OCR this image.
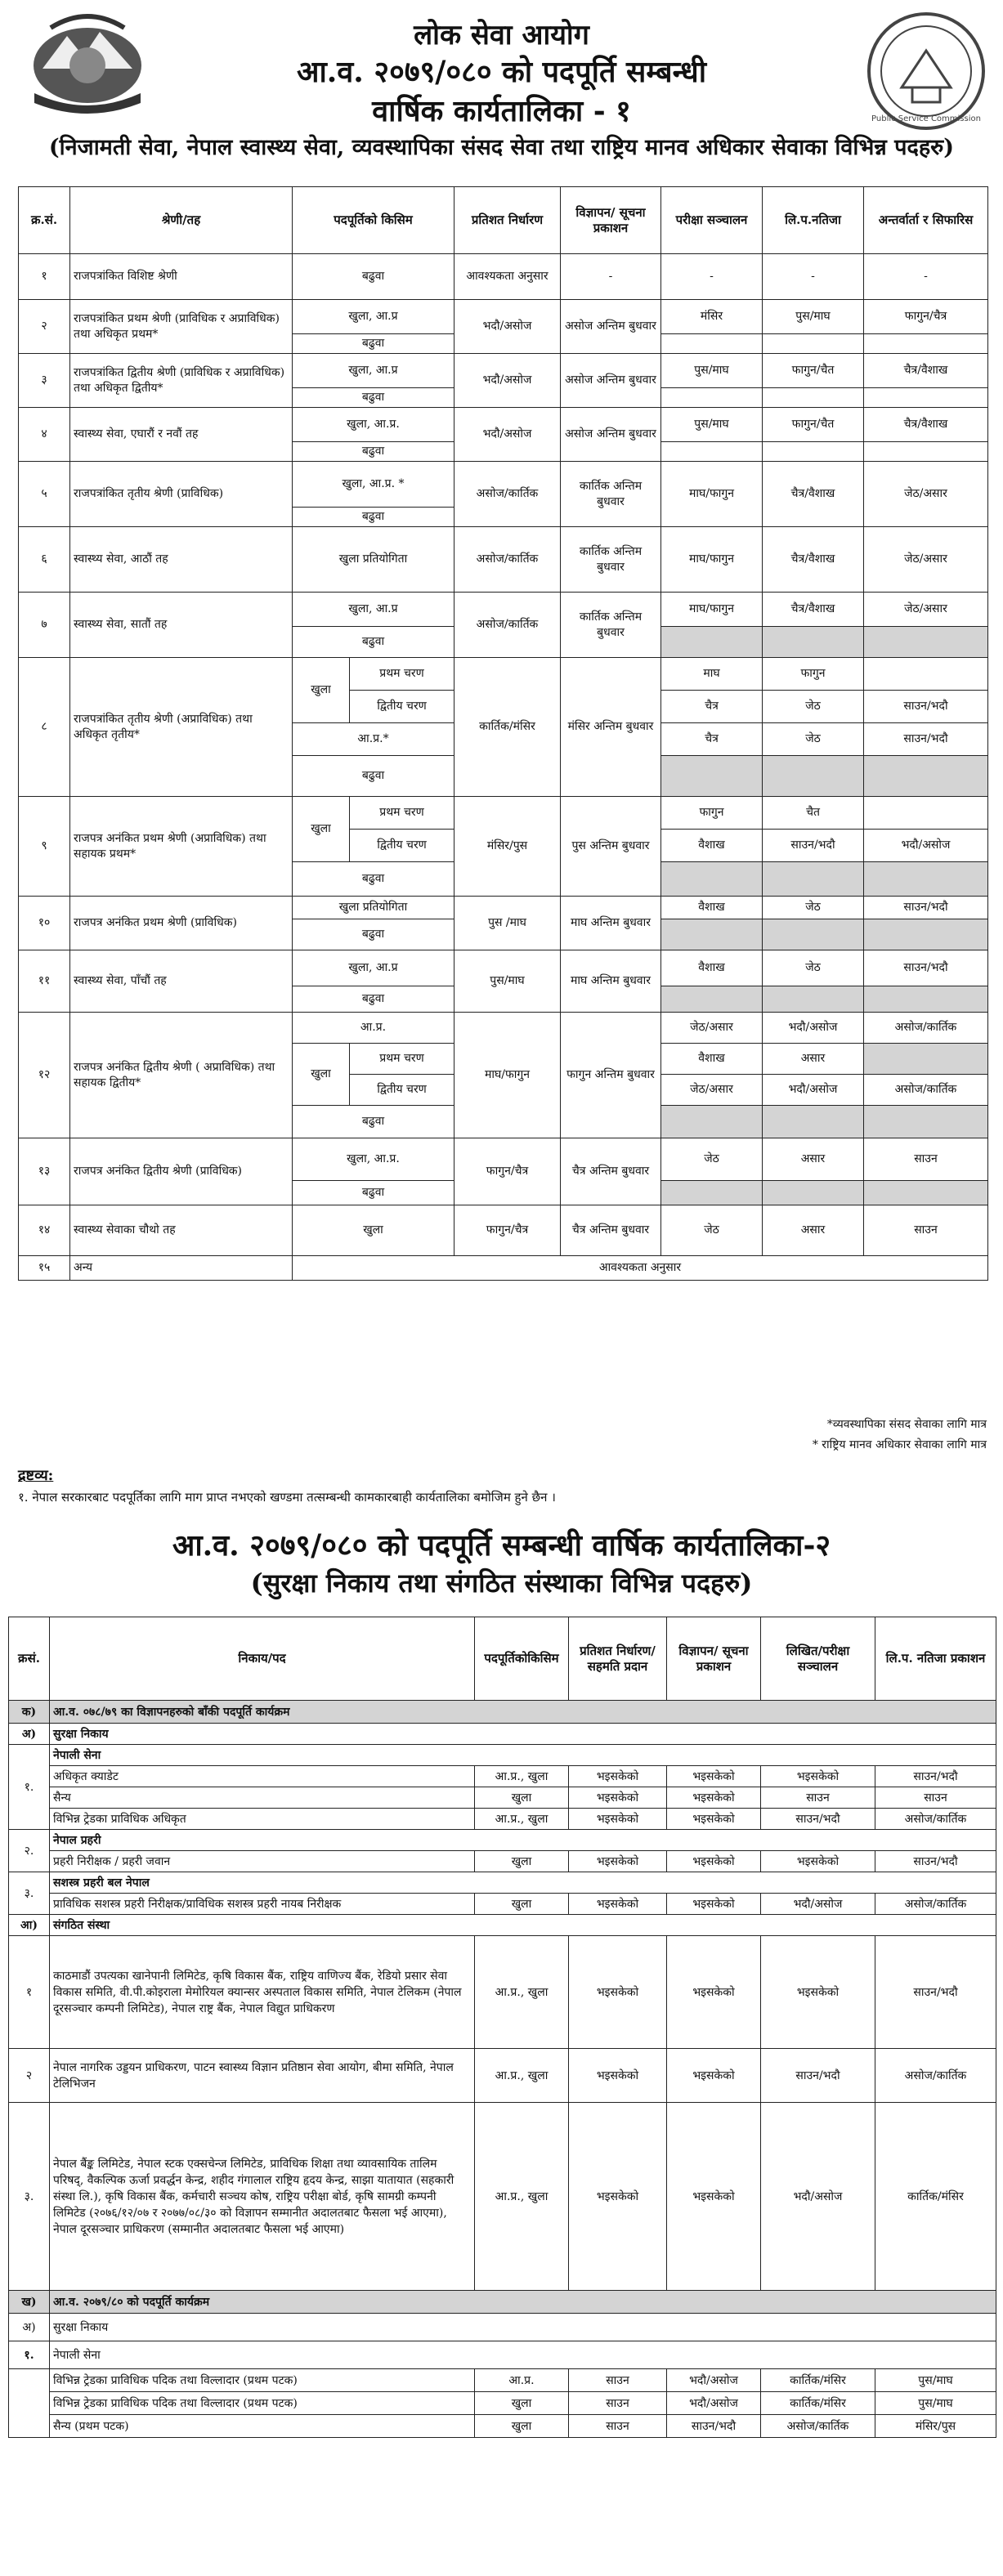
Public Service Commission
लोक सेवा आयोग
आ.व. २०७९/०८० को पदपूर्ति सम्बन्धी
वार्षिक कार्यतालिका - १
(निजामती सेवा, नेपाल स्वास्थ्य सेवा, व्यवस्थापिका संसद सेवा तथा राष्ट्रिय मानव अधिकार सेवाका विभिन्न पदहरु)
क्र.सं.	श्रेणी/तह	पदपूर्तिको किसिम		प्रतिशत निर्धारण	विज्ञापन/ सूचना प्रकाशन	परीक्षा सञ्चालन	लि.प.नतिजा	अन्तर्वार्ता र सिफारिस
१	राजपत्रांकित विशिष्ट श्रेणी	बढुवा		आवश्यकता अनुसार	-	-	-	-
२	राजपत्रांकित प्रथम श्रेणी (प्राविधिक र अप्राविधिक) तथा अधिकृत प्रथम*	खुला, आ.प्र		भदौ/असोज	असोज अन्तिम बुधवार	मंसिर	पुस/माघ	फागुन/चैत्र
		बढुवा						
३	राजपत्रांकित द्वितीय श्रेणी (प्राविधिक र अप्राविधिक) तथा अधिकृत द्वितीय*	खुला, आ.प्र		भदौ/असोज	असोज अन्तिम बुधवार	पुस/माघ	फागुन/चैत	चैत्र/वैशाख
		बढुवा						
४	स्वास्थ्य सेवा, एघारौं र नवौं तह	खुला, आ.प्र.		भदौ/असोज	असोज अन्तिम बुधवार	पुस/माघ	फागुन/चैत	चैत्र/वैशाख
		बढुवा						
५	राजपत्रांकित तृतीय श्रेणी (प्राविधिक)	खुला, आ.प्र. *		असोज/कार्तिक	कार्तिक अन्तिम बुधवार	माघ/फागुन	चैत्र/वैशाख	जेठ/असार
		बढुवा						
६	स्वास्थ्य सेवा, आठौं तह	खुला प्रतियोगिता		असोज/कार्तिक	कार्तिक अन्तिम बुधवार	माघ/फागुन	चैत्र/वैशाख	जेठ/असार
७	स्वास्थ्य सेवा, सातौं तह	खुला, आ.प्र		असोज/कार्तिक	कार्तिक अन्तिम बुधवार	माघ/फागुन	चैत्र/वैशाख	जेठ/असार
		बढुवा						
८	राजपत्रांकित तृतीय श्रेणी (अप्राविधिक) तथा अधिकृत तृतीय*	खुला	प्रथम चरण	कार्तिक/मंसिर	मंसिर अन्तिम बुधवार	माघ	फागुन	
			द्वितीय चरण			चैत्र	जेठ	साउन/भदौ
		आ.प्र.*				चैत्र	जेठ	साउन/भदौ
		बढुवा						

९	राजपत्र अनंकित प्रथम श्रेणी (अप्राविधिक) तथा सहायक प्रथम*	खुला	प्रथम चरण	मंसिर/पुस	पुस अन्तिम बुधवार	फागुन	चैत	
			द्वितीय चरण			वैशाख	साउन/भदौ	भदौ/असोज
		बढुवा						
१०	राजपत्र अनंकित प्रथम श्रेणी (प्राविधिक)	खुला प्रतियोगिता		पुस /माघ	माघ अन्तिम बुधवार	वैशाख	जेठ	साउन/भदौ
		बढुवा						
११	स्वास्थ्य सेवा, पाँचौं तह	खुला, आ.प्र		पुस/माघ	माघ अन्तिम बुधवार	वैशाख	जेठ	साउन/भदौ
		बढुवा						
१२	राजपत्र अनंकित द्वितीय श्रेणी ( अप्राविधिक) तथा सहायक द्वितीय*	आ.प्र.		माघ/फागुन	फागुन अन्तिम बुधवार	जेठ/असार	भदौ/असोज	असोज/कार्तिक
		खुला	प्रथम चरण			वैशाख	असार	
			द्वितीय चरण			जेठ/असार	भदौ/असोज	असोज/कार्तिक
		बढुवा						
१३	राजपत्र अनंकित द्वितीय श्रेणी (प्राविधिक)	खुला, आ.प्र.		फागुन/चैत्र	चैत्र अन्तिम बुधवार	जेठ	असार	साउन
		बढुवा						
१४	स्वास्थ्य सेवाका चौथो तह	खुला		फागुन/चैत्र	चैत्र अन्तिम बुधवार	जेठ	असार	साउन
१५	अन्य	आवश्यकता अनुसार						
*व्यवस्थापिका संसद सेवाका लागि मात्र
* राष्ट्रिय मानव अधिकार सेवाका लागि मात्र
द्रष्टव्य:
१. नेपाल सरकारबाट पदपूर्तिका लागि माग प्राप्त नभएको खण्डमा तत्सम्बन्धी कामकारबाही कार्यतालिका बमोजिम हुने छैन ।
आ.व. २०७९/०८० को पदपूर्ति सम्बन्धी वार्षिक कार्यतालिका-२
(सुरक्षा निकाय तथा संगठित संस्थाका विभिन्न पदहरु)
क्रसं.	निकाय/पद	पदपूर्तिकोकिसिम	प्रतिशत निर्धारण/ सहमति प्रदान	विज्ञापन/ सूचना प्रकाशन	लिखित/परीक्षा सञ्चालन	लि.प. नतिजा प्रकाशन
क)	आ.व. ०७८/७९ का विज्ञापनहरुको बाँकी पदपूर्ति कार्यक्रम					
अ)	सुरक्षा निकाय					
१.	नेपाली सेना					
	अधिकृत क्याडेट	आ.प्र., खुला	भइसकेको	भइसकेको	भइसकेको	साउन/भदौ
	सैन्य	खुला	भइसकेको	भइसकेको	साउन	साउन
	विभिन्न ट्रेडका प्राविधिक अधिकृत	आ.प्र., खुला	भइसकेको	भइसकेको	साउन/भदौ	असोज/कार्तिक
२.	नेपाल प्रहरी					
	प्रहरी निरीक्षक / प्रहरी जवान	खुला	भइसकेको	भइसकेको	भइसकेको	साउन/भदौ
३.	सशस्त्र प्रहरी बल नेपाल					
	प्राविधिक सशस्त्र प्रहरी निरीक्षक/प्राविधिक सशस्त्र प्रहरी नायब निरीक्षक	खुला	भइसकेको	भइसकेको	भदौ/असोज	असोज/कार्तिक
आ)	संगठित संस्था					
१	काठमाडौं उपत्यका खानेपानी लिमिटेड, कृषि विकास बैंक, राष्ट्रिय वाणिज्य बैंक, रेडियो प्रसार सेवा विकास समिति, वी.पी.कोइराला मेमोरियल क्यान्सर अस्पताल विकास समिति, नेपाल टेलिकम (नेपाल दूरसञ्चार कम्पनी लिमिटेड), नेपाल राष्ट्र बैंक, नेपाल विद्युत प्राधिकरण	आ.प्र., खुला	भइसकेको	भइसकेको	भइसकेको	साउन/भदौ
२	नेपाल नागरिक उड्डयन प्राधिकरण, पाटन स्वास्थ्य विज्ञान प्रतिष्ठान सेवा आयोग, बीमा समिति, नेपाल टेलिभिजन	आ.प्र., खुला	भइसकेको	भइसकेको	साउन/भदौ	असोज/कार्तिक
३.	नेपाल बैंङ्क लिमिटेड, नेपाल स्टक एक्सचेन्ज लिमिटेड, प्राविधिक शिक्षा तथा व्यावसायिक तालिम परिषद्, वैकल्पिक ऊर्जा प्रवर्द्धन केन्द्र, शहीद गंगालाल राष्ट्रिय हृदय केन्द्र, साझा यातायात (सहकारी संस्था लि.), कृषि विकास बैंक, कर्मचारी सञ्चय कोष, राष्ट्रिय परीक्षा बोर्ड, कृषि सामग्री कम्पनी लिमिटेड (२०७६/१२/०७ र २०७७/०८/३० को विज्ञापन सम्मानीत अदालतबाट फैसला भई आएमा), नेपाल दूरसञ्चार प्राधिकरण (सम्मानीत अदालतबाट फैसला भई आएमा)	आ.प्र., खुला	भइसकेको	भइसकेको	भदौ/असोज	कार्तिक/मंसिर
ख)	आ.व. २०७९/८० को पदपूर्ति कार्यक्रम					
अ)	सुरक्षा निकाय					
१.	नेपाली सेना					
	विभिन्न ट्रेडका प्राविधिक पदिक तथा विल्लादार (प्रथम पटक)	आ.प्र.	साउन	भदौ/असोज	कार्तिक/मंसिर	पुस/माघ
	विभिन्न ट्रेडका प्राविधिक पदिक तथा विल्लादार (प्रथम पटक)	खुला	साउन	भदौ/असोज	कार्तिक/मंसिर	पुस/माघ
	सैन्य (प्रथम पटक)	खुला	साउन	साउन/भदौ	असोज/कार्तिक	मंसिर/पुस
